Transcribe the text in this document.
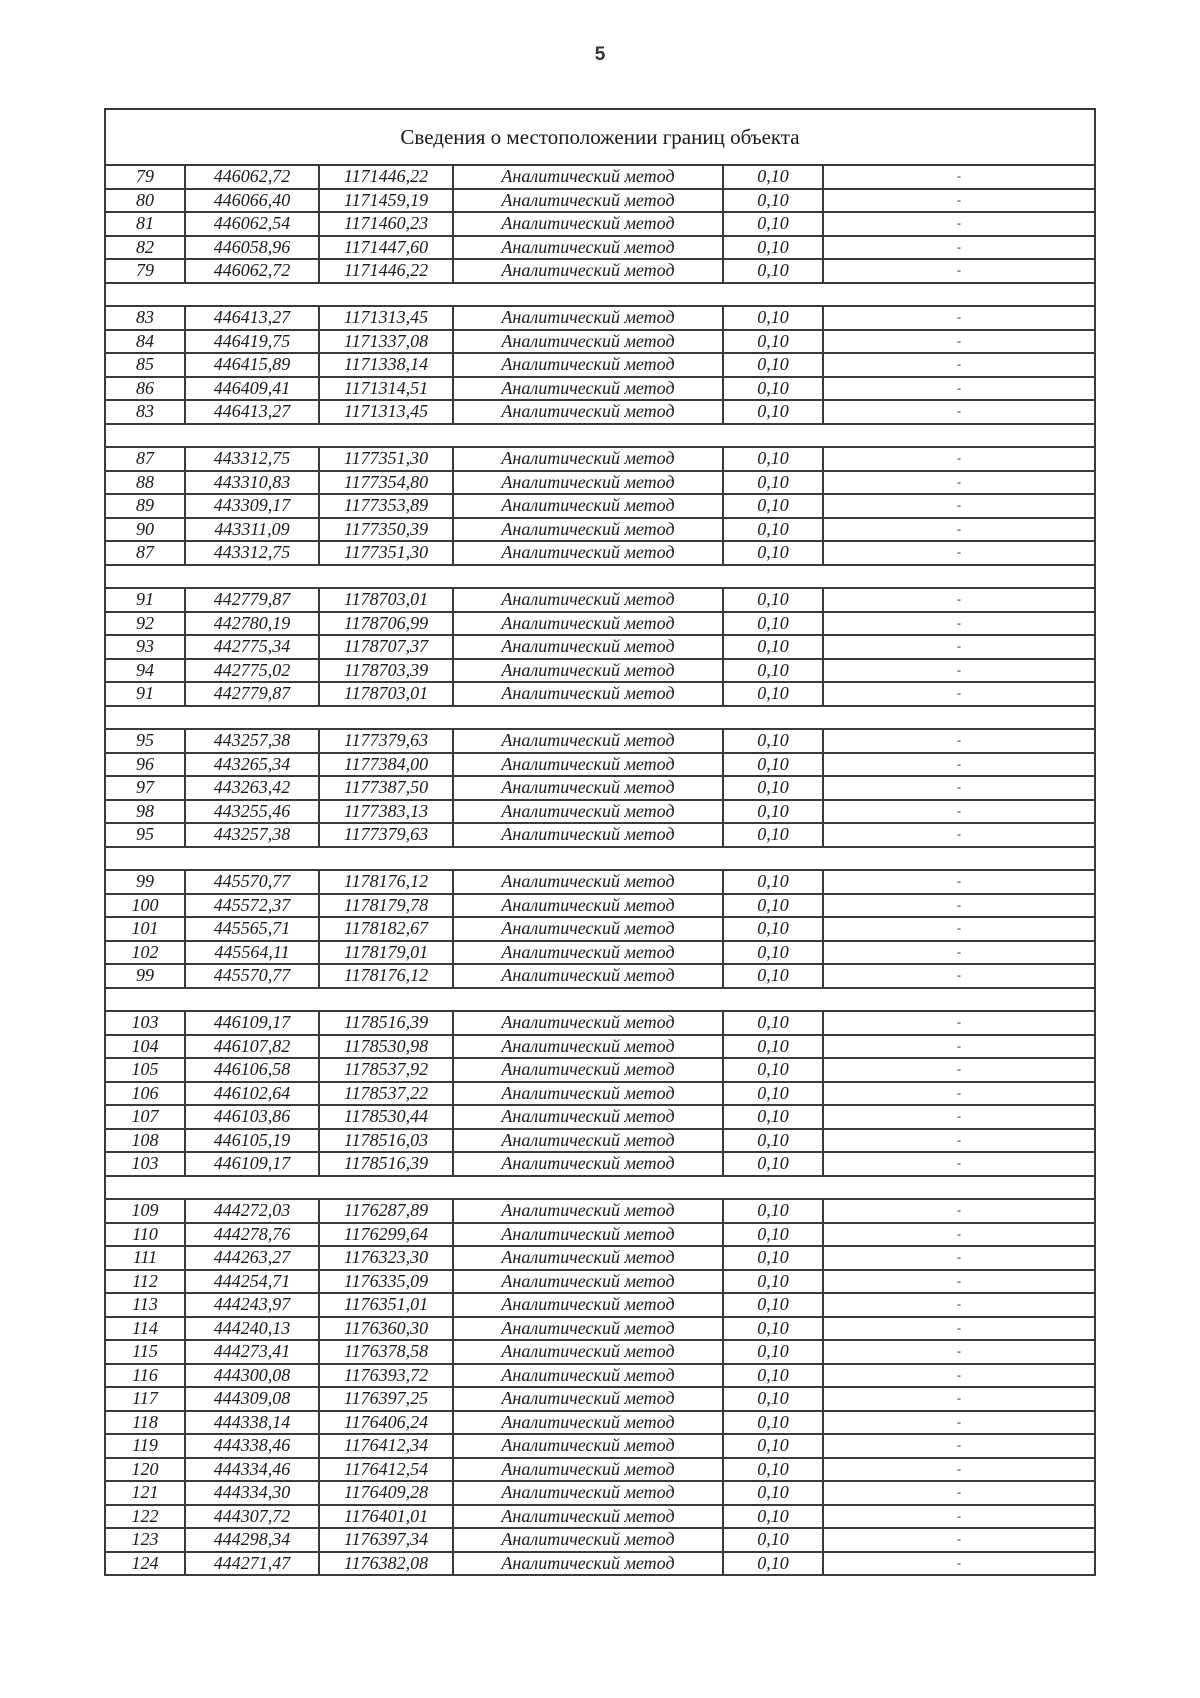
5
Сведения о местоположении границ объекта					
79	446062,72	1171446,22	Аналитический метод	0,10	-
80	446066,40	1171459,19	Аналитический метод	0,10	-
81	446062,54	1171460,23	Аналитический метод	0,10	-
82	446058,96	1171447,60	Аналитический метод	0,10	-
79	446062,72	1171446,22	Аналитический метод	0,10	-

83	446413,27	1171313,45	Аналитический метод	0,10	-
84	446419,75	1171337,08	Аналитический метод	0,10	-
85	446415,89	1171338,14	Аналитический метод	0,10	-
86	446409,41	1171314,51	Аналитический метод	0,10	-
83	446413,27	1171313,45	Аналитический метод	0,10	-

87	443312,75	1177351,30	Аналитический метод	0,10	-
88	443310,83	1177354,80	Аналитический метод	0,10	-
89	443309,17	1177353,89	Аналитический метод	0,10	-
90	443311,09	1177350,39	Аналитический метод	0,10	-
87	443312,75	1177351,30	Аналитический метод	0,10	-

91	442779,87	1178703,01	Аналитический метод	0,10	-
92	442780,19	1178706,99	Аналитический метод	0,10	-
93	442775,34	1178707,37	Аналитический метод	0,10	-
94	442775,02	1178703,39	Аналитический метод	0,10	-
91	442779,87	1178703,01	Аналитический метод	0,10	-

95	443257,38	1177379,63	Аналитический метод	0,10	-
96	443265,34	1177384,00	Аналитический метод	0,10	-
97	443263,42	1177387,50	Аналитический метод	0,10	-
98	443255,46	1177383,13	Аналитический метод	0,10	-
95	443257,38	1177379,63	Аналитический метод	0,10	-

99	445570,77	1178176,12	Аналитический метод	0,10	-
100	445572,37	1178179,78	Аналитический метод	0,10	-
101	445565,71	1178182,67	Аналитический метод	0,10	-
102	445564,11	1178179,01	Аналитический метод	0,10	-
99	445570,77	1178176,12	Аналитический метод	0,10	-

103	446109,17	1178516,39	Аналитический метод	0,10	-
104	446107,82	1178530,98	Аналитический метод	0,10	-
105	446106,58	1178537,92	Аналитический метод	0,10	-
106	446102,64	1178537,22	Аналитический метод	0,10	-
107	446103,86	1178530,44	Аналитический метод	0,10	-
108	446105,19	1178516,03	Аналитический метод	0,10	-
103	446109,17	1178516,39	Аналитический метод	0,10	-

109	444272,03	1176287,89	Аналитический метод	0,10	-
110	444278,76	1176299,64	Аналитический метод	0,10	-
111	444263,27	1176323,30	Аналитический метод	0,10	-
112	444254,71	1176335,09	Аналитический метод	0,10	-
113	444243,97	1176351,01	Аналитический метод	0,10	-
114	444240,13	1176360,30	Аналитический метод	0,10	-
115	444273,41	1176378,58	Аналитический метод	0,10	-
116	444300,08	1176393,72	Аналитический метод	0,10	-
117	444309,08	1176397,25	Аналитический метод	0,10	-
118	444338,14	1176406,24	Аналитический метод	0,10	-
119	444338,46	1176412,34	Аналитический метод	0,10	-
120	444334,46	1176412,54	Аналитический метод	0,10	-
121	444334,30	1176409,28	Аналитический метод	0,10	-
122	444307,72	1176401,01	Аналитический метод	0,10	-
123	444298,34	1176397,34	Аналитический метод	0,10	-
124	444271,47	1176382,08	Аналитический метод	0,10	-
